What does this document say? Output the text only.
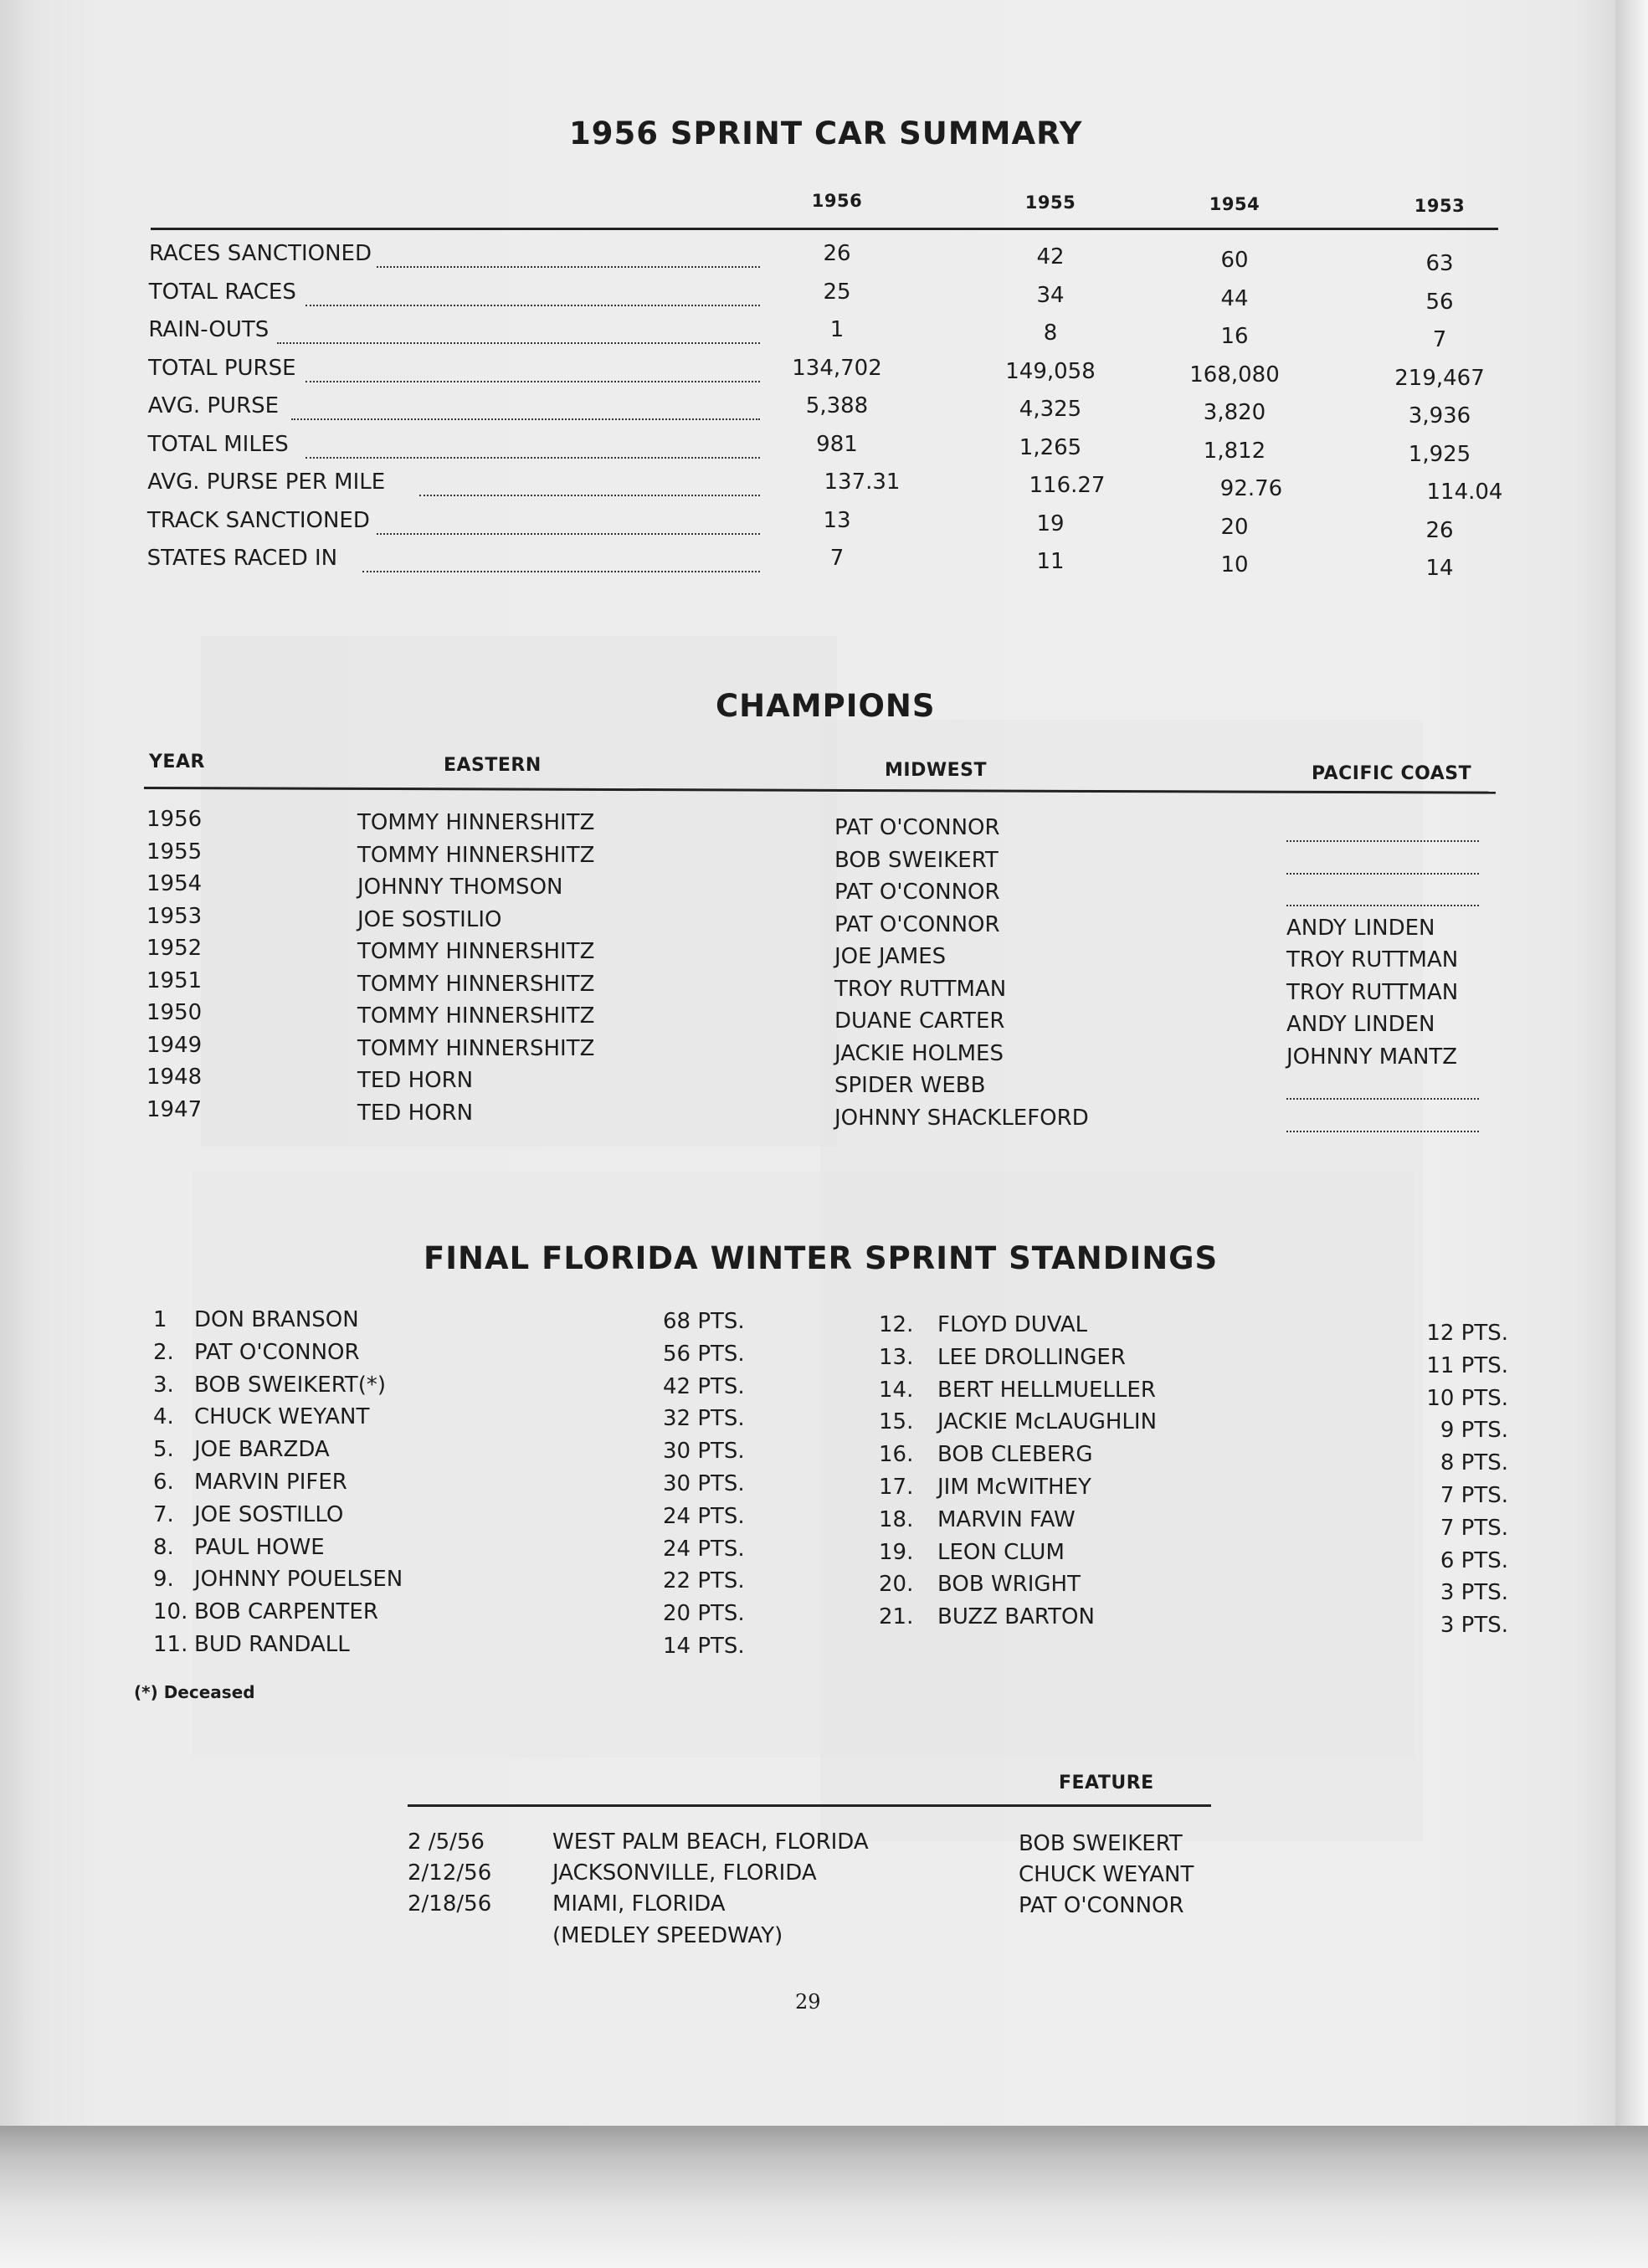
1956 SPRINT CAR SUMMARY
1956	1955	1954	1953
RACES SANCTIONED	26	42	60	63
TOTAL RACES	25	34	44	56
RAIN-OUTS	1	8	16	7
TOTAL PURSE	134,702	149,058	168,080	219,467
AVG. PURSE	5,388	4,325	3,820	3,936
TOTAL MILES	981	1,265	1,812	1,925
AVG. PURSE PER MILE	137.31	116.27	92.76	114.04
TRACK SANCTIONED	13	19	20	26
STATES RACED IN	7	11	10	14
CHAMPIONS
YEAR	EASTERN	MIDWEST	PACIFIC COAST
1956	TOMMY HINNERSHITZ	PAT O'CONNOR
1955	TOMMY HINNERSHITZ	BOB SWEIKERT
1954	JOHNNY THOMSON	PAT O'CONNOR
1953	JOE SOSTILIO	PAT O'CONNOR	ANDY LINDEN
1952	TOMMY HINNERSHITZ	JOE JAMES	TROY RUTTMAN
1951	TOMMY HINNERSHITZ	TROY RUTTMAN	TROY RUTTMAN
1950	TOMMY HINNERSHITZ	DUANE CARTER	ANDY LINDEN
1949	TOMMY HINNERSHITZ	JACKIE HOLMES	JOHNNY MANTZ
1948	TED HORN	SPIDER WEBB
1947	TED HORN	JOHNNY SHACKLEFORD
FINAL FLORIDA WINTER SPRINT STANDINGS
1 DON BRANSON	68 PTS.
2. PAT O'CONNOR	56 PTS.
3. BOB SWEIKERT(*)	42 PTS.
4. CHUCK WEYANT	32 PTS.
5. JOE BARZDA	30 PTS.
6. MARVIN PIFER	30 PTS.
7. JOE SOSTILLO	24 PTS.
8. PAUL HOWE	24 PTS.
9. JOHNNY POUELSEN	22 PTS.
10. BOB CARPENTER	20 PTS.
11. BUD RANDALL	14 PTS.
12. FLOYD DUVAL	12 PTS.
13. LEE DROLLINGER	11 PTS.
14. BERT HELLMUELLER	10 PTS.
15. JACKIE McLAUGHLIN	9 PTS.
16. BOB CLEBERG	8 PTS.
17. JIM McWITHEY	7 PTS.
18. MARVIN FAW	7 PTS.
19. LEON CLUM	6 PTS.
20. BOB WRIGHT	3 PTS.
21. BUZZ BARTON	3 PTS.
(*) Deceased
FEATURE
2 /5/56	WEST PALM BEACH, FLORIDA	BOB SWEIKERT
2/12/56	JACKSONVILLE, FLORIDA	CHUCK WEYANT
2/18/56	MIAMI, FLORIDA	PAT O'CONNOR
(MEDLEY SPEEDWAY)
29
